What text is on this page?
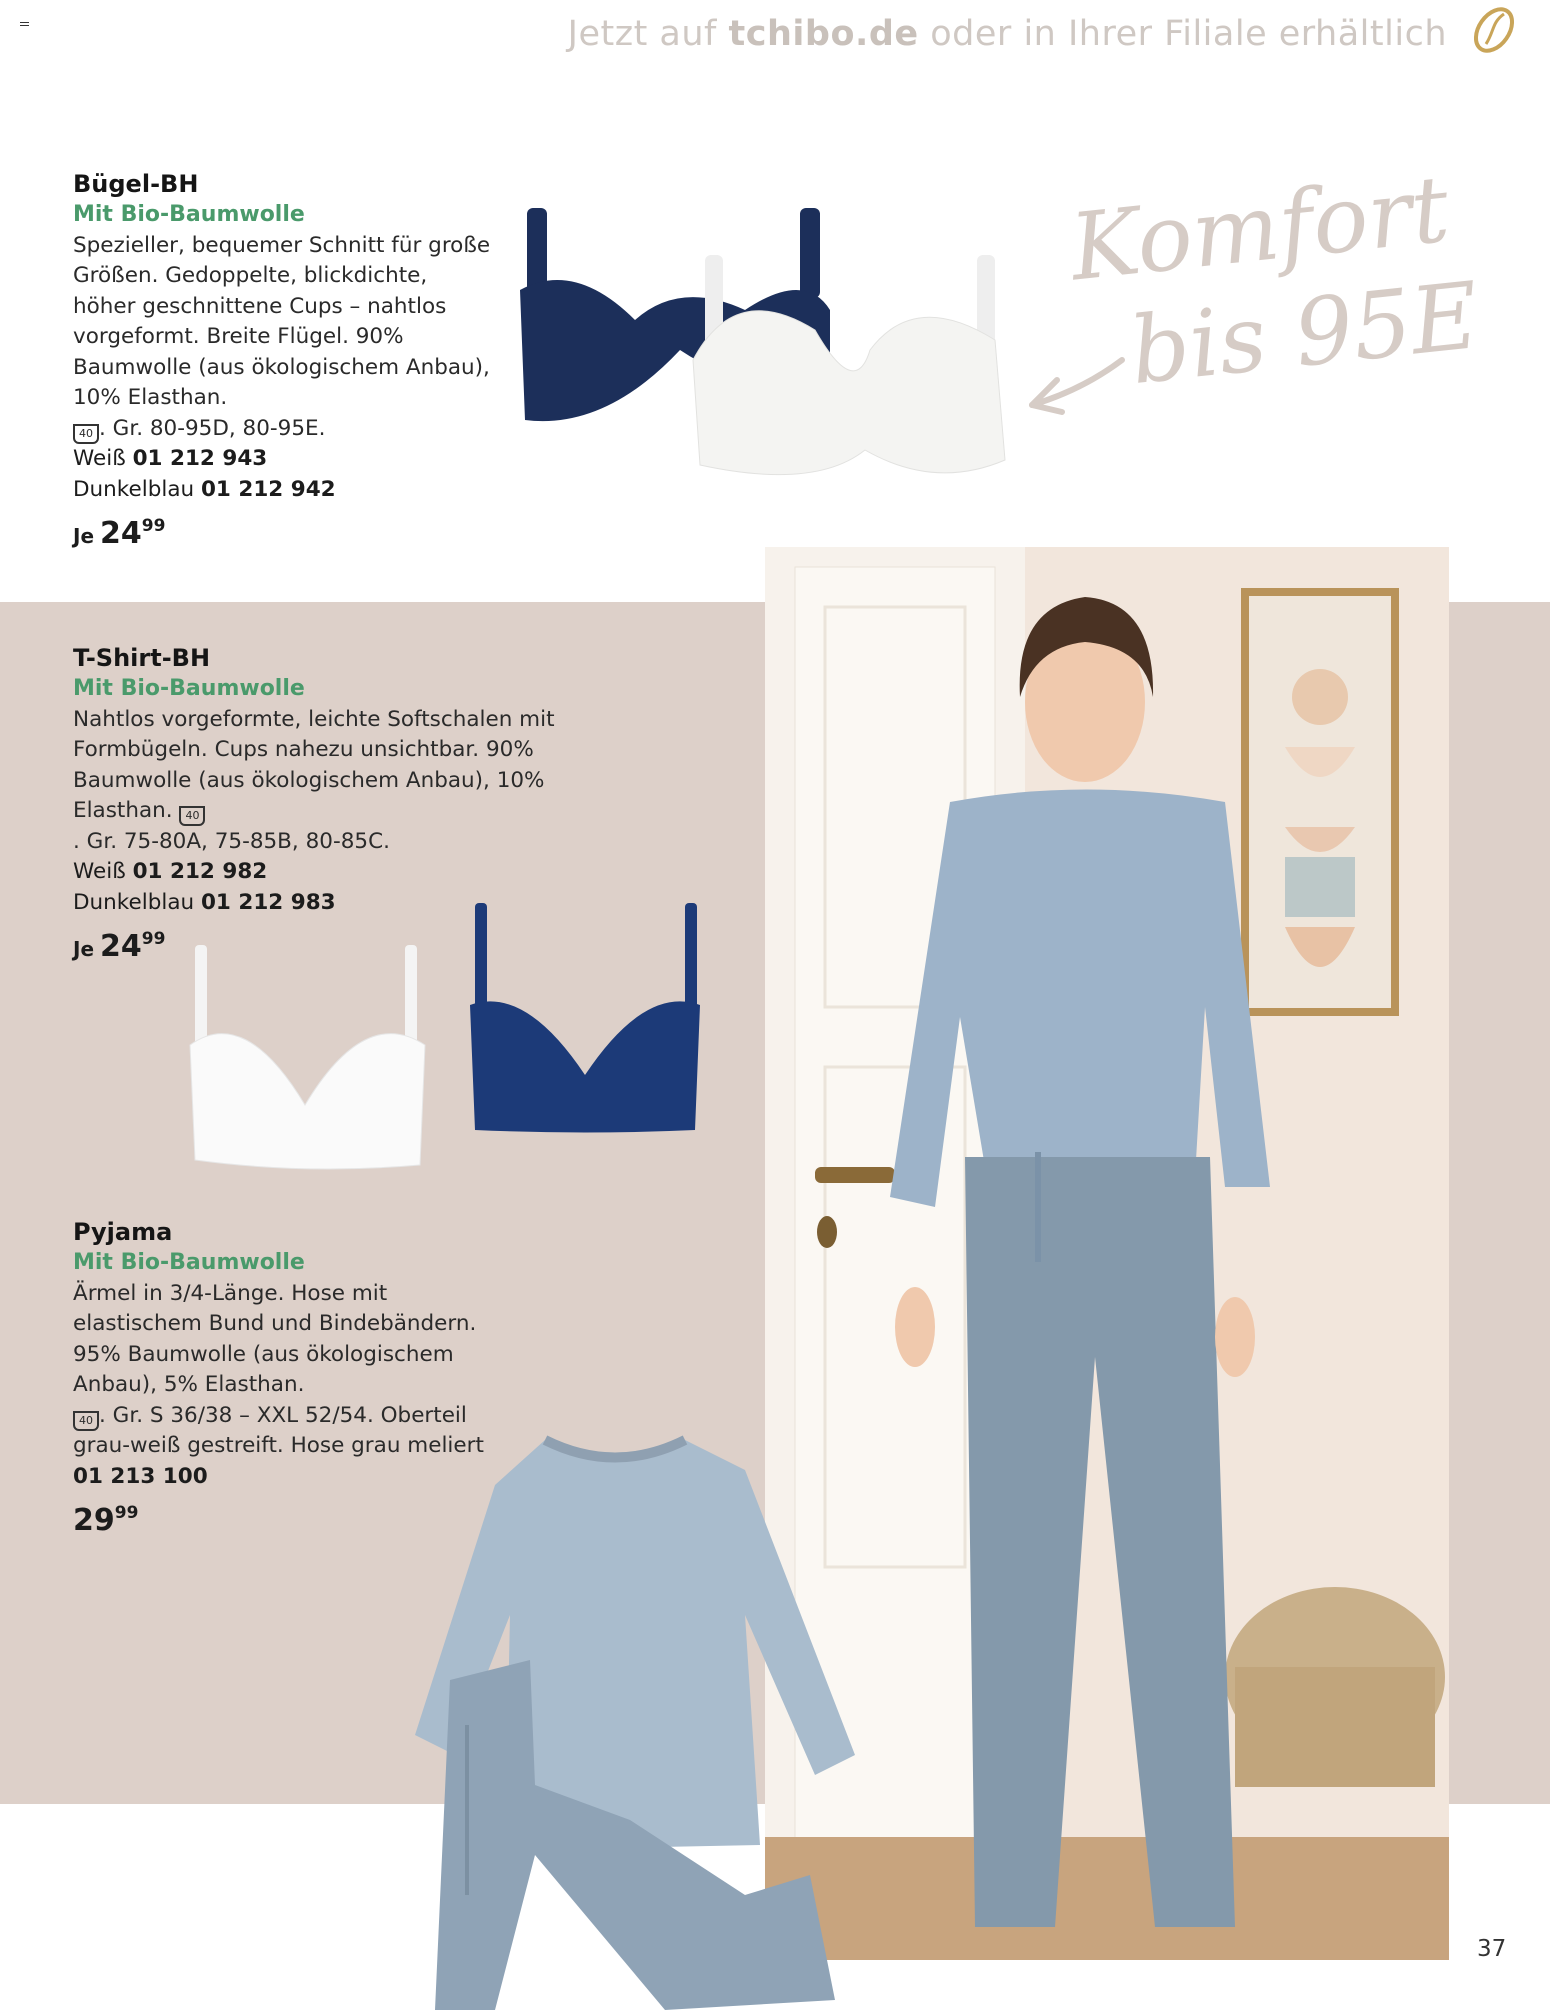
Jetzt auf tchibo.de oder in Ihrer Filiale erhältlich
Bügel-BH
Mit Bio-Baumwolle
Spezieller, bequemer Schnitt für große Größen. Gedoppelte, blickdichte, höher geschnittene Cups – nahtlos vorgeformt. Breite Flügel. 90% Baumwolle (aus ökologischem Anbau), 10% Elasthan.
40 . Gr. 80-95D, 80-95E.
Weiß 01 212 943
Dunkelblau 01 212 942
Je $24^{99}$
Komfort
bis 95E
T-Shirt-BH
Mit Bio-Baumwolle
Nahtlos vorgeformte, leichte Softschalen mit Formbügeln. Cups nahezu unsichtbar. 90% Baumwolle (aus ökologischem Anbau), 10% Elasthan. 40
. Gr. 75-80A, 75-85B, 80-85C.
Weiß 01 212 982
Dunkelblau 01 212 983
Je $24^{99}$
Pyjama
Mit Bio-Baumwolle
Ärmel in 3/4-Länge. Hose mit elastischem Bund und Bindebändern. 95% Baumwolle (aus ökologischem Anbau), 5% Elasthan.
40 . Gr. S 36/38 – XXL 52/54. Oberteil grau-weiß gestreift. Hose grau meliert
01 213 100
$29^{99}$
37
